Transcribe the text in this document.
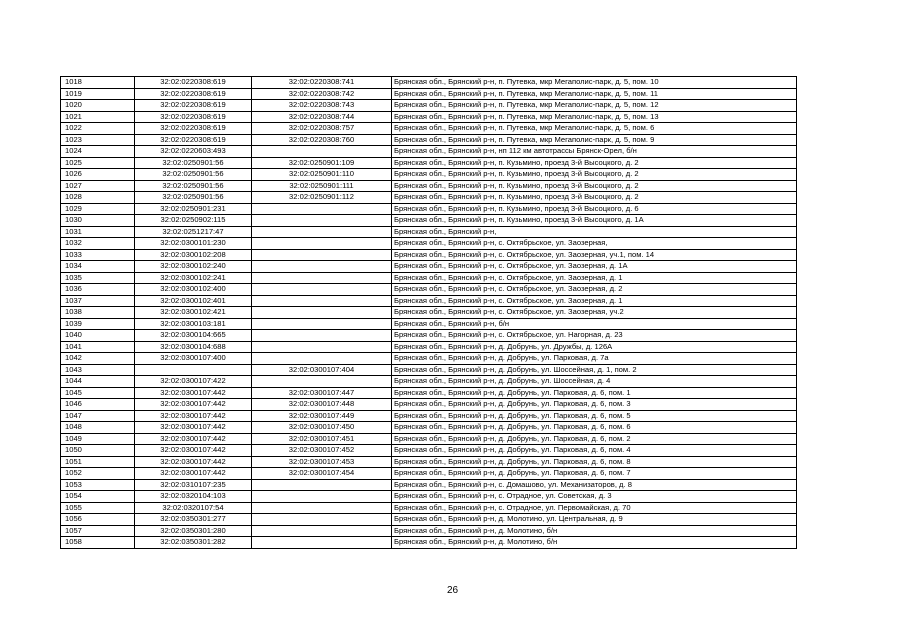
1018	32:02:0220308:619	32:02:0220308:741	Брянская обл., Брянский р-н, п. Путевка, мкр Мегаполис-парк, д. 5, пом. 10
1019	32:02:0220308:619	32:02:0220308:742	Брянская обл., Брянский р-н, п. Путевка, мкр Мегаполис-парк, д. 5, пом. 11
1020	32:02:0220308:619	32:02:0220308:743	Брянская обл., Брянский р-н, п. Путевка, мкр Мегаполис-парк, д. 5, пом. 12
1021	32:02:0220308:619	32:02:0220308:744	Брянская обл., Брянский р-н, п. Путевка, мкр Мегаполис-парк, д. 5, пом. 13
1022	32:02:0220308:619	32:02:0220308:757	Брянская обл., Брянский р-н, п. Путевка, мкр Мегаполис-парк, д. 5, пом. 6
1023	32:02:0220308:619	32:02:0220308:760	Брянская обл., Брянский р-н, п. Путевка, мкр Мегаполис-парк, д. 5, пом. 9
1024	32:02:0220603:493		Брянская обл., Брянский р-н, нп 112 км автотрассы Брянск-Орел, б/н
1025	32:02:0250901:56	32:02:0250901:109	Брянская обл., Брянский р-н, п. Кузьмино, проезд 3-й Высоцкого, д. 2
1026	32:02:0250901:56	32:02:0250901:110	Брянская обл., Брянский р-н, п. Кузьмино, проезд 3-й Высоцкого, д. 2
1027	32:02:0250901:56	32:02:0250901:111	Брянская обл., Брянский р-н, п. Кузьмино, проезд 3-й Высоцкого, д. 2
1028	32:02:0250901:56	32:02:0250901:112	Брянская обл., Брянский р-н, п. Кузьмино, проезд 3-й Высоцкого, д. 2
1029	32:02:0250901:231		Брянская обл., Брянский р-н, п. Кузьмино, проезд 3-й Высоцкого, д. 6
1030	32:02:0250902:115		Брянская обл., Брянский р-н, п. Кузьмино, проезд 3-й Высоцкого, д. 1А
1031	32:02:0251217:47		Брянская обл., Брянский р-н,
1032	32:02:0300101:230		Брянская обл., Брянский р-н, с. Октябрьское, ул. Заозерная,
1033	32:02:0300102:208		Брянская обл., Брянский р-н, с. Октябрьское, ул. Заозерная, уч.1, пом. 14
1034	32:02:0300102:240		Брянская обл., Брянский р-н, с. Октябрьское, ул. Заозерная, д. 1А
1035	32:02:0300102:241		Брянская обл., Брянский р-н, с. Октябрьское, ул. Заозерная, д. 1
1036	32:02:0300102:400		Брянская обл., Брянский р-н, с. Октябрьское, ул. Заозерная, д. 2
1037	32:02:0300102:401		Брянская обл., Брянский р-н, с. Октябрьское, ул. Заозерная, д. 1
1038	32:02:0300102:421		Брянская обл., Брянский р-н, с. Октябрьское, ул. Заозерная, уч.2
1039	32:02:0300103:181		Брянская обл., Брянский р-н, б/н
1040	32:02:0300104:665		Брянская обл., Брянский р-н, с. Октябрьское, ул. Нагорная, д. 23
1041	32:02:0300104:688		Брянская обл., Брянский р-н, д. Добрунь, ул. Дружбы, д. 126А
1042	32:02:0300107:400		Брянская обл., Брянский р-н, д. Добрунь, ул. Парковая, д. 7а
1043		32:02:0300107:404	Брянская обл., Брянский р-н, д. Добрунь, ул. Шоссейная, д. 1, пом. 2
1044	32:02:0300107:422		Брянская обл., Брянский р-н, д. Добрунь, ул. Шоссейная, д. 4
1045	32:02:0300107:442	32:02:0300107:447	Брянская обл., Брянский р-н, д. Добрунь, ул. Парковая, д. 6, пом. 1
1046	32:02:0300107:442	32:02:0300107:448	Брянская обл., Брянский р-н, д. Добрунь, ул. Парковая, д. 6, пом. 3
1047	32:02:0300107:442	32:02:0300107:449	Брянская обл., Брянский р-н, д. Добрунь, ул. Парковая, д. 6, пом. 5
1048	32:02:0300107:442	32:02:0300107:450	Брянская обл., Брянский р-н, д. Добрунь, ул. Парковая, д. 6, пом. 6
1049	32:02:0300107:442	32:02:0300107:451	Брянская обл., Брянский р-н, д. Добрунь, ул. Парковая, д. 6, пом. 2
1050	32:02:0300107:442	32:02:0300107:452	Брянская обл., Брянский р-н, д. Добрунь, ул. Парковая, д. 6, пом. 4
1051	32:02:0300107:442	32:02:0300107:453	Брянская обл., Брянский р-н, д. Добрунь, ул. Парковая, д. 6, пом. 8
1052	32:02:0300107:442	32:02:0300107:454	Брянская обл., Брянский р-н, д. Добрунь, ул. Парковая, д. 6, пом. 7
1053	32:02:0310107:235		Брянская обл., Брянский р-н, с. Домашово, ул. Механизаторов, д. 8
1054	32:02:0320104:103		Брянская обл., Брянский р-н, с. Отрадное, ул. Советская, д. 3
1055	32:02:0320107:54		Брянская обл., Брянский р-н, с. Отрадное, ул. Первомайская, д. 70
1056	32:02:0350301:277		Брянская обл., Брянский р-н, д. Молотино, ул. Центральная, д. 9
1057	32:02:0350301:280		Брянская обл., Брянский р-н, д. Молотино, б/н
1058	32:02:0350301:282		Брянская обл., Брянский р-н, д. Молотино, б/н
26
